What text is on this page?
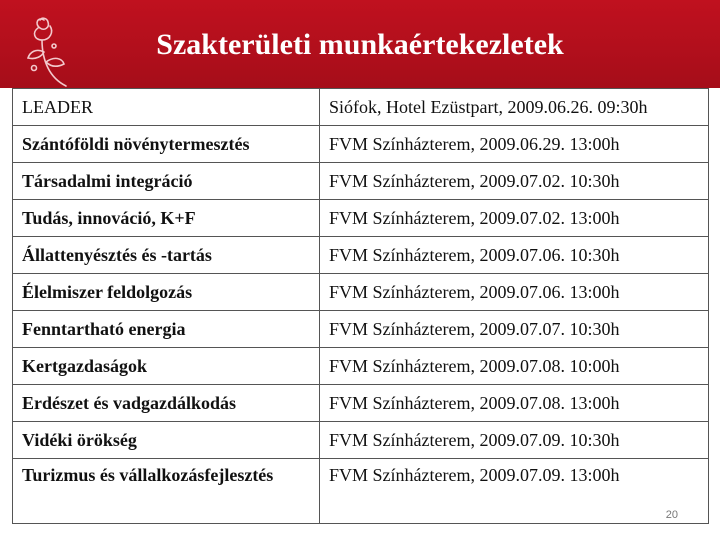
Szakterületi munkaértekezletek
LEADER	Siófok, Hotel Ezüstpart, 2009.06.26. 09:30h
Szántóföldi növénytermesztés	FVM Színházterem, 2009.06.29. 13:00h
Társadalmi integráció	FVM Színházterem, 2009.07.02. 10:30h
Tudás, innováció, K+F	FVM Színházterem, 2009.07.02. 13:00h
Állattenyésztés és -tartás	FVM Színházterem, 2009.07.06. 10:30h
Élelmiszer feldolgozás	FVM Színházterem, 2009.07.06. 13:00h
Fenntartható energia	FVM Színházterem, 2009.07.07. 10:30h
Kertgazdaságok	FVM Színházterem, 2009.07.08. 10:00h
Erdészet és vadgazdálkodás	FVM Színházterem, 2009.07.08. 13:00h
Vidéki örökség	FVM Színházterem, 2009.07.09. 10:30h
Turizmus és vállalkozásfejlesztés	FVM Színházterem, 2009.07.09. 13:00h
20
